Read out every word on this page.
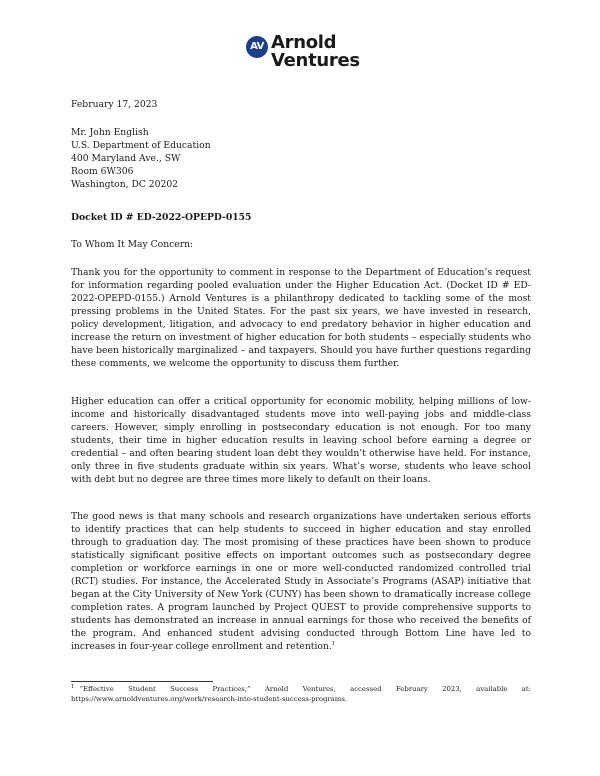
AV Arnold
Ventures
February 17, 2023
Mr. John English
U.S. Department of Education
400 Maryland Ave., SW
Room 6W306
Washington, DC 20202
Docket ID # ED-2022-OPEPD-0155
To Whom It May Concern:
Thank you for the opportunity to comment in response to the Department of Education’s request for information regarding pooled evaluation under the Higher Education Act. (Docket ID # ED-2022-OPEPD-0155.) Arnold Ventures is a philanthropy dedicated to tackling some of the most pressing problems in the United States. For the past six years, we have invested in research, policy development, litigation, and advocacy to end predatory behavior in higher education and increase the return on investment of higher education for both students – especially students who have been historically marginalized – and taxpayers. Should you have further questions regarding these comments, we welcome the opportunity to discuss them further.
Higher education can offer a critical opportunity for economic mobility, helping millions of low-income and historically disadvantaged students move into well-paying jobs and middle-class careers. However, simply enrolling in postsecondary education is not enough. For too many students, their time in higher education results in leaving school before earning a degree or credential – and often bearing student loan debt they wouldn’t otherwise have held. For instance, only three in five students graduate within six years. What’s worse, students who leave school with debt but no degree are three times more likely to default on their loans.
The good news is that many schools and research organizations have undertaken serious efforts to identify practices that can help students to succeed in higher education and stay enrolled through to graduation day. The most promising of these practices have been shown to produce statistically significant positive effects on important outcomes such as postsecondary degree completion or workforce earnings in one or more well-conducted randomized controlled trial (RCT) studies. For instance, the Accelerated Study in Associate’s Programs (ASAP) initiative that began at the City University of New York (CUNY) has been shown to dramatically increase college completion rates. A program launched by Project QUEST to provide comprehensive supports to students has demonstrated an increase in annual earnings for those who received the benefits of the program. And enhanced student advising conducted through Bottom Line have led to increases in four-year college enrollment and retention.$^1$
$^1$ “Effective Student Success Practices,” Arnold Ventures, accessed February 2023, available at: https://www.arnoldventures.org/work/research-into-student-success-programs.
